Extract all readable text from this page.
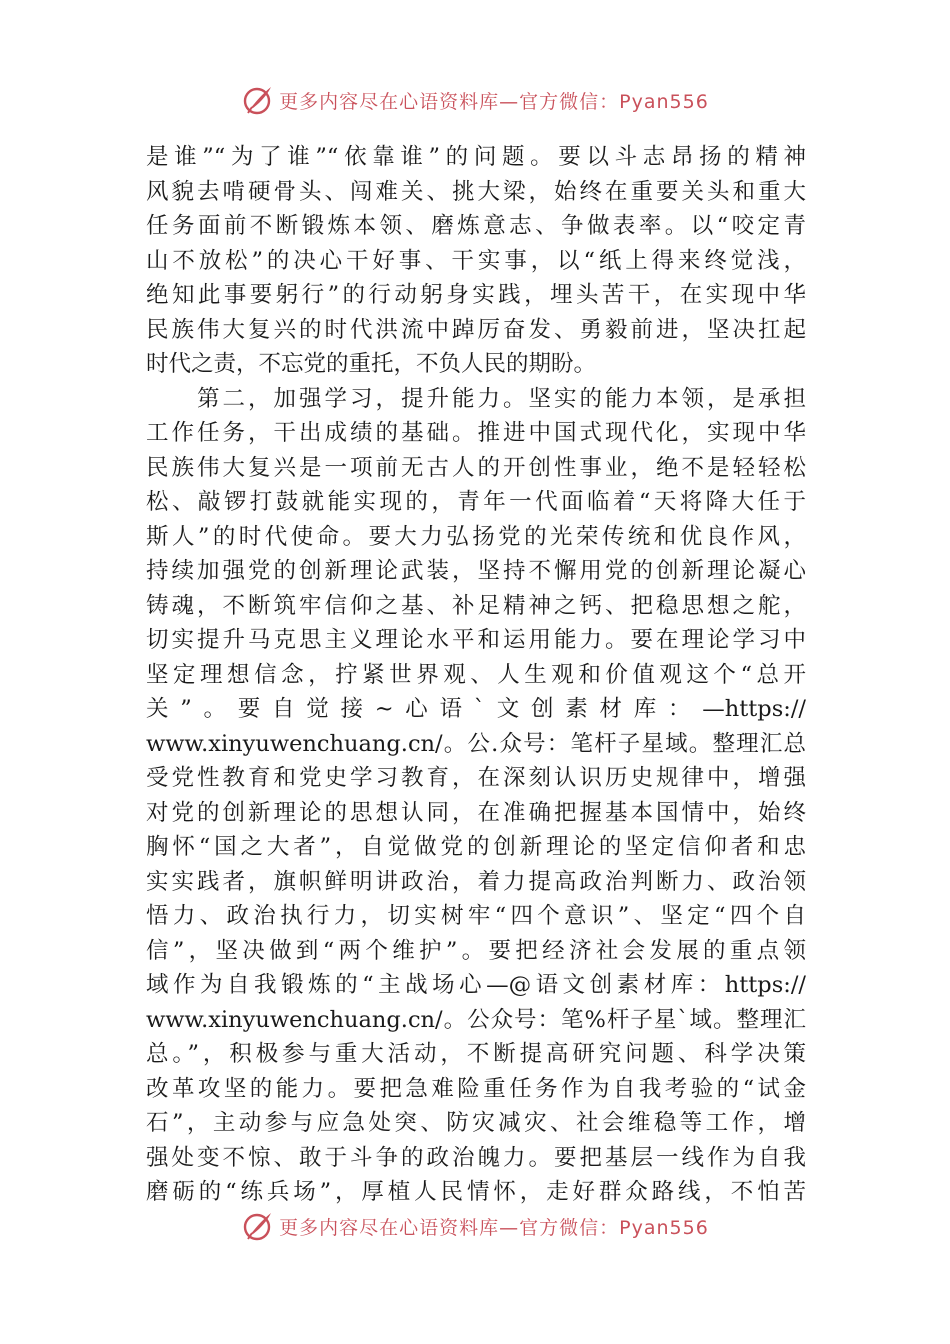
更多内容尽在心语资料库—官方微信：Pyan556
是谁”“为了谁”“依靠谁”的问题。要以斗志昂扬的精神
风貌去啃硬骨头、闯难关、挑大梁，始终在重要关头和重大
任务面前不断锻炼本领、磨炼意志、争做表率。以“咬定青
山不放松”的决心干好事、干实事，以“纸上得来终觉浅，
绝知此事要躬行”的行动躬身实践，埋头苦干，在实现中华
民族伟大复兴的时代洪流中踔厉奋发、勇毅前进，坚决扛起
时代之责，不忘党的重托，不负人民的期盼。
　　第二，加强学习，提升能力。坚实的能力本领，是承担
工作任务，干出成绩的基础。推进中国式现代化，实现中华
民族伟大复兴是一项前无古人的开创性事业，绝不是轻轻松
松、敲锣打鼓就能实现的，青年一代面临着“天将降大任于
斯人”的时代使命。要大力弘扬党的光荣传统和优良作风，
持续加强党的创新理论武装，坚持不懈用党的创新理论凝心
铸魂，不断筑牢信仰之基、补足精神之钙、把稳思想之舵，
切实提升马克思主义理论水平和运用能力。要在理论学习中
坚定理想信念，拧紧世界观、人生观和价值观这个“总开
关”。要自觉接~心语`文创素材库：—https://
www.xinyuwenchuang.cn/。公.众号：笔杆子星域。整理汇总
受党性教育和党史学习教育，在深刻认识历史规律中，增强
对党的创新理论的思想认同，在准确把握基本国情中，始终
胸怀“国之大者”，自觉做党的创新理论的坚定信仰者和忠
实实践者，旗帜鲜明讲政治，着力提高政治判断力、政治领
悟力、政治执行力，切实树牢“四个意识”、坚定“四个自
信”，坚决做到“两个维护”。要把经济社会发展的重点领
域作为自我锻炼的“主战场心—@语文创素材库：https://
www.xinyuwenchuang.cn/。公众号：笔%杆子星`域。整理汇
总。”，积极参与重大活动，不断提高研究问题、科学决策
改革攻坚的能力。要把急难险重任务作为自我考验的“试金
石”，主动参与应急处突、防灾减灾、社会维稳等工作，增
强处变不惊、敢于斗争的政治魄力。要把基层一线作为自我
磨砺的“练兵场”，厚植人民情怀，走好群众路线，不怕苦
更多内容尽在心语资料库—官方微信：Pyan556
